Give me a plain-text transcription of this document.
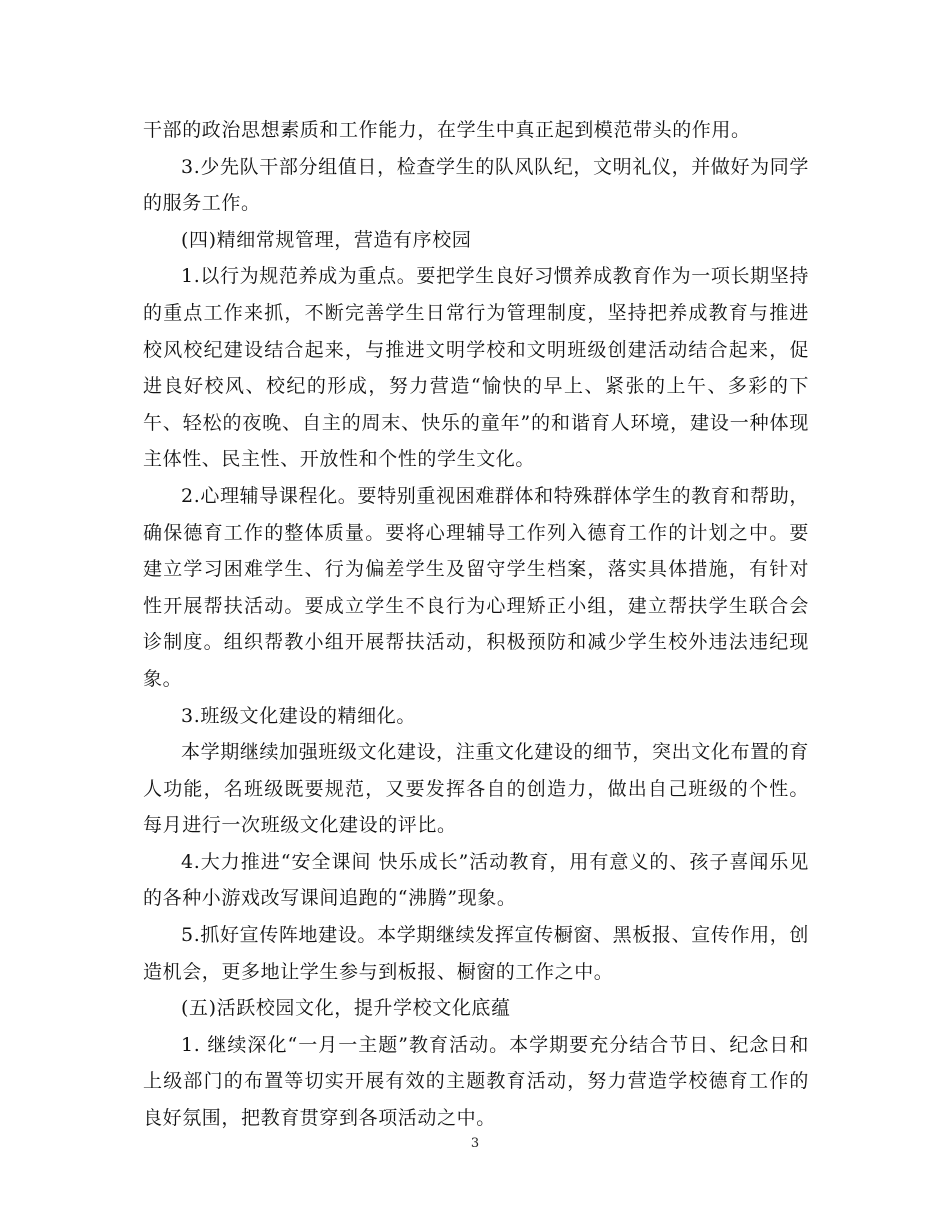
干部的政治思想素质和工作能力，在学生中真正起到模范带头的作用。

3.少先队干部分组值日，检查学生的队风队纪，文明礼仪，并做好为同学的服务工作。

(四)精细常规管理，营造有序校园

1.以行为规范养成为重点。要把学生良好习惯养成教育作为一项长期坚持的重点工作来抓，不断完善学生日常行为管理制度，坚持把养成教育与推进校风校纪建设结合起来，与推进文明学校和文明班级创建活动结合起来，促进良好校风、校纪的形成，努力营造“愉快的早上、紧张的上午、多彩的下午、轻松的夜晚、自主的周末、快乐的童年”的和谐育人环境，建设一种体现主体性、民主性、开放性和个性的学生文化。

2.心理辅导课程化。要特别重视困难群体和特殊群体学生的教育和帮助，确保德育工作的整体质量。要将心理辅导工作列入德育工作的计划之中。要建立学习困难学生、行为偏差学生及留守学生档案，落实具体措施，有针对性开展帮扶活动。要成立学生不良行为心理矫正小组，建立帮扶学生联合会诊制度。组织帮教小组开展帮扶活动，积极预防和减少学生校外违法违纪现象。

3.班级文化建设的精细化。

本学期继续加强班级文化建设，注重文化建设的细节，突出文化布置的育人功能，名班级既要规范，又要发挥各自的创造力，做出自己班级的个性。每月进行一次班级文化建设的评比。

4.大力推进“安全课间 快乐成长”活动教育，用有意义的、孩子喜闻乐见的各种小游戏改写课间追跑的“沸腾”现象。

5.抓好宣传阵地建设。本学期继续发挥宣传橱窗、黑板报、宣传作用，创造机会，更多地让学生参与到板报、橱窗的工作之中。

(五)活跃校园文化，提升学校文化底蕴

1. 继续深化“一月一主题”教育活动。本学期要充分结合节日、纪念日和上级部门的布置等切实开展有效的主题教育活动，努力营造学校德育工作的良好氛围，把教育贯穿到各项活动之中。

3
